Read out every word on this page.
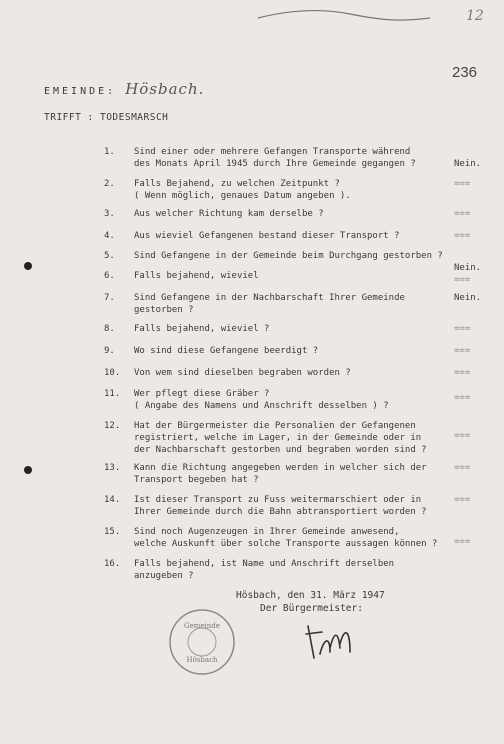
12
236
EMEINDE: Hösbach.
TRIFFT : TODESMARSCH
1.	Sind einer oder mehrere Gefangen Transporte während
des Monats April 1945 durch Ihre Gemeinde gegangen ?	Nein.
2.	Falls Bejahend, zu welchen Zeitpunkt ?
( Wenn möglich, genaues Datum angeben ).
===
3.	Aus welcher Richtung kam derselbe ?	===
4.	Aus wieviel Gefangenen bestand dieser Transport ?	===
5.	Sind Gefangene in der Gemeinde beim Durchgang gestorben ?
Nein.
6.	Falls bejahend, wieviel	===
7.	Sind Gefangene in der Nachbarschaft Ihrer Gemeinde
gestorben ?
Nein.
8.	Falls bejahend, wieviel ?	===
9.	Wo sind diese Gefangene beerdigt ?	===
10.	Von wem sind dieselben begraben worden ?	===
11.	Wer pflegt diese Gräber ?
( Angabe des Namens und Anschrift desselben ) ?
===
12.	Hat der Bürgermeister die Personalien der Gefangenen
registriert, welche im Lager, in der Gemeinde oder in
der Nachbarschaft gestorben und begraben worden sind ?
===
13.	Kann die Richtung angegeben werden in welcher sich der
Transport begeben hat ?
===
14.	Ist dieser Transport zu Fuss weitermarschiert oder in
Ihrer Gemeinde durch die Bahn abtransportiert worden ?
===
15.	Sind noch Augenzeugen in Ihrer Gemeinde anwesend,
welche Auskunft über solche Transporte aussagen können ?	===
16.	Falls bejahend, ist Name und Anschrift derselben
anzugeben ?
Hösbach, den 31. März 1947
Der Bürgermeister:
Gemeinde
Hösbach
